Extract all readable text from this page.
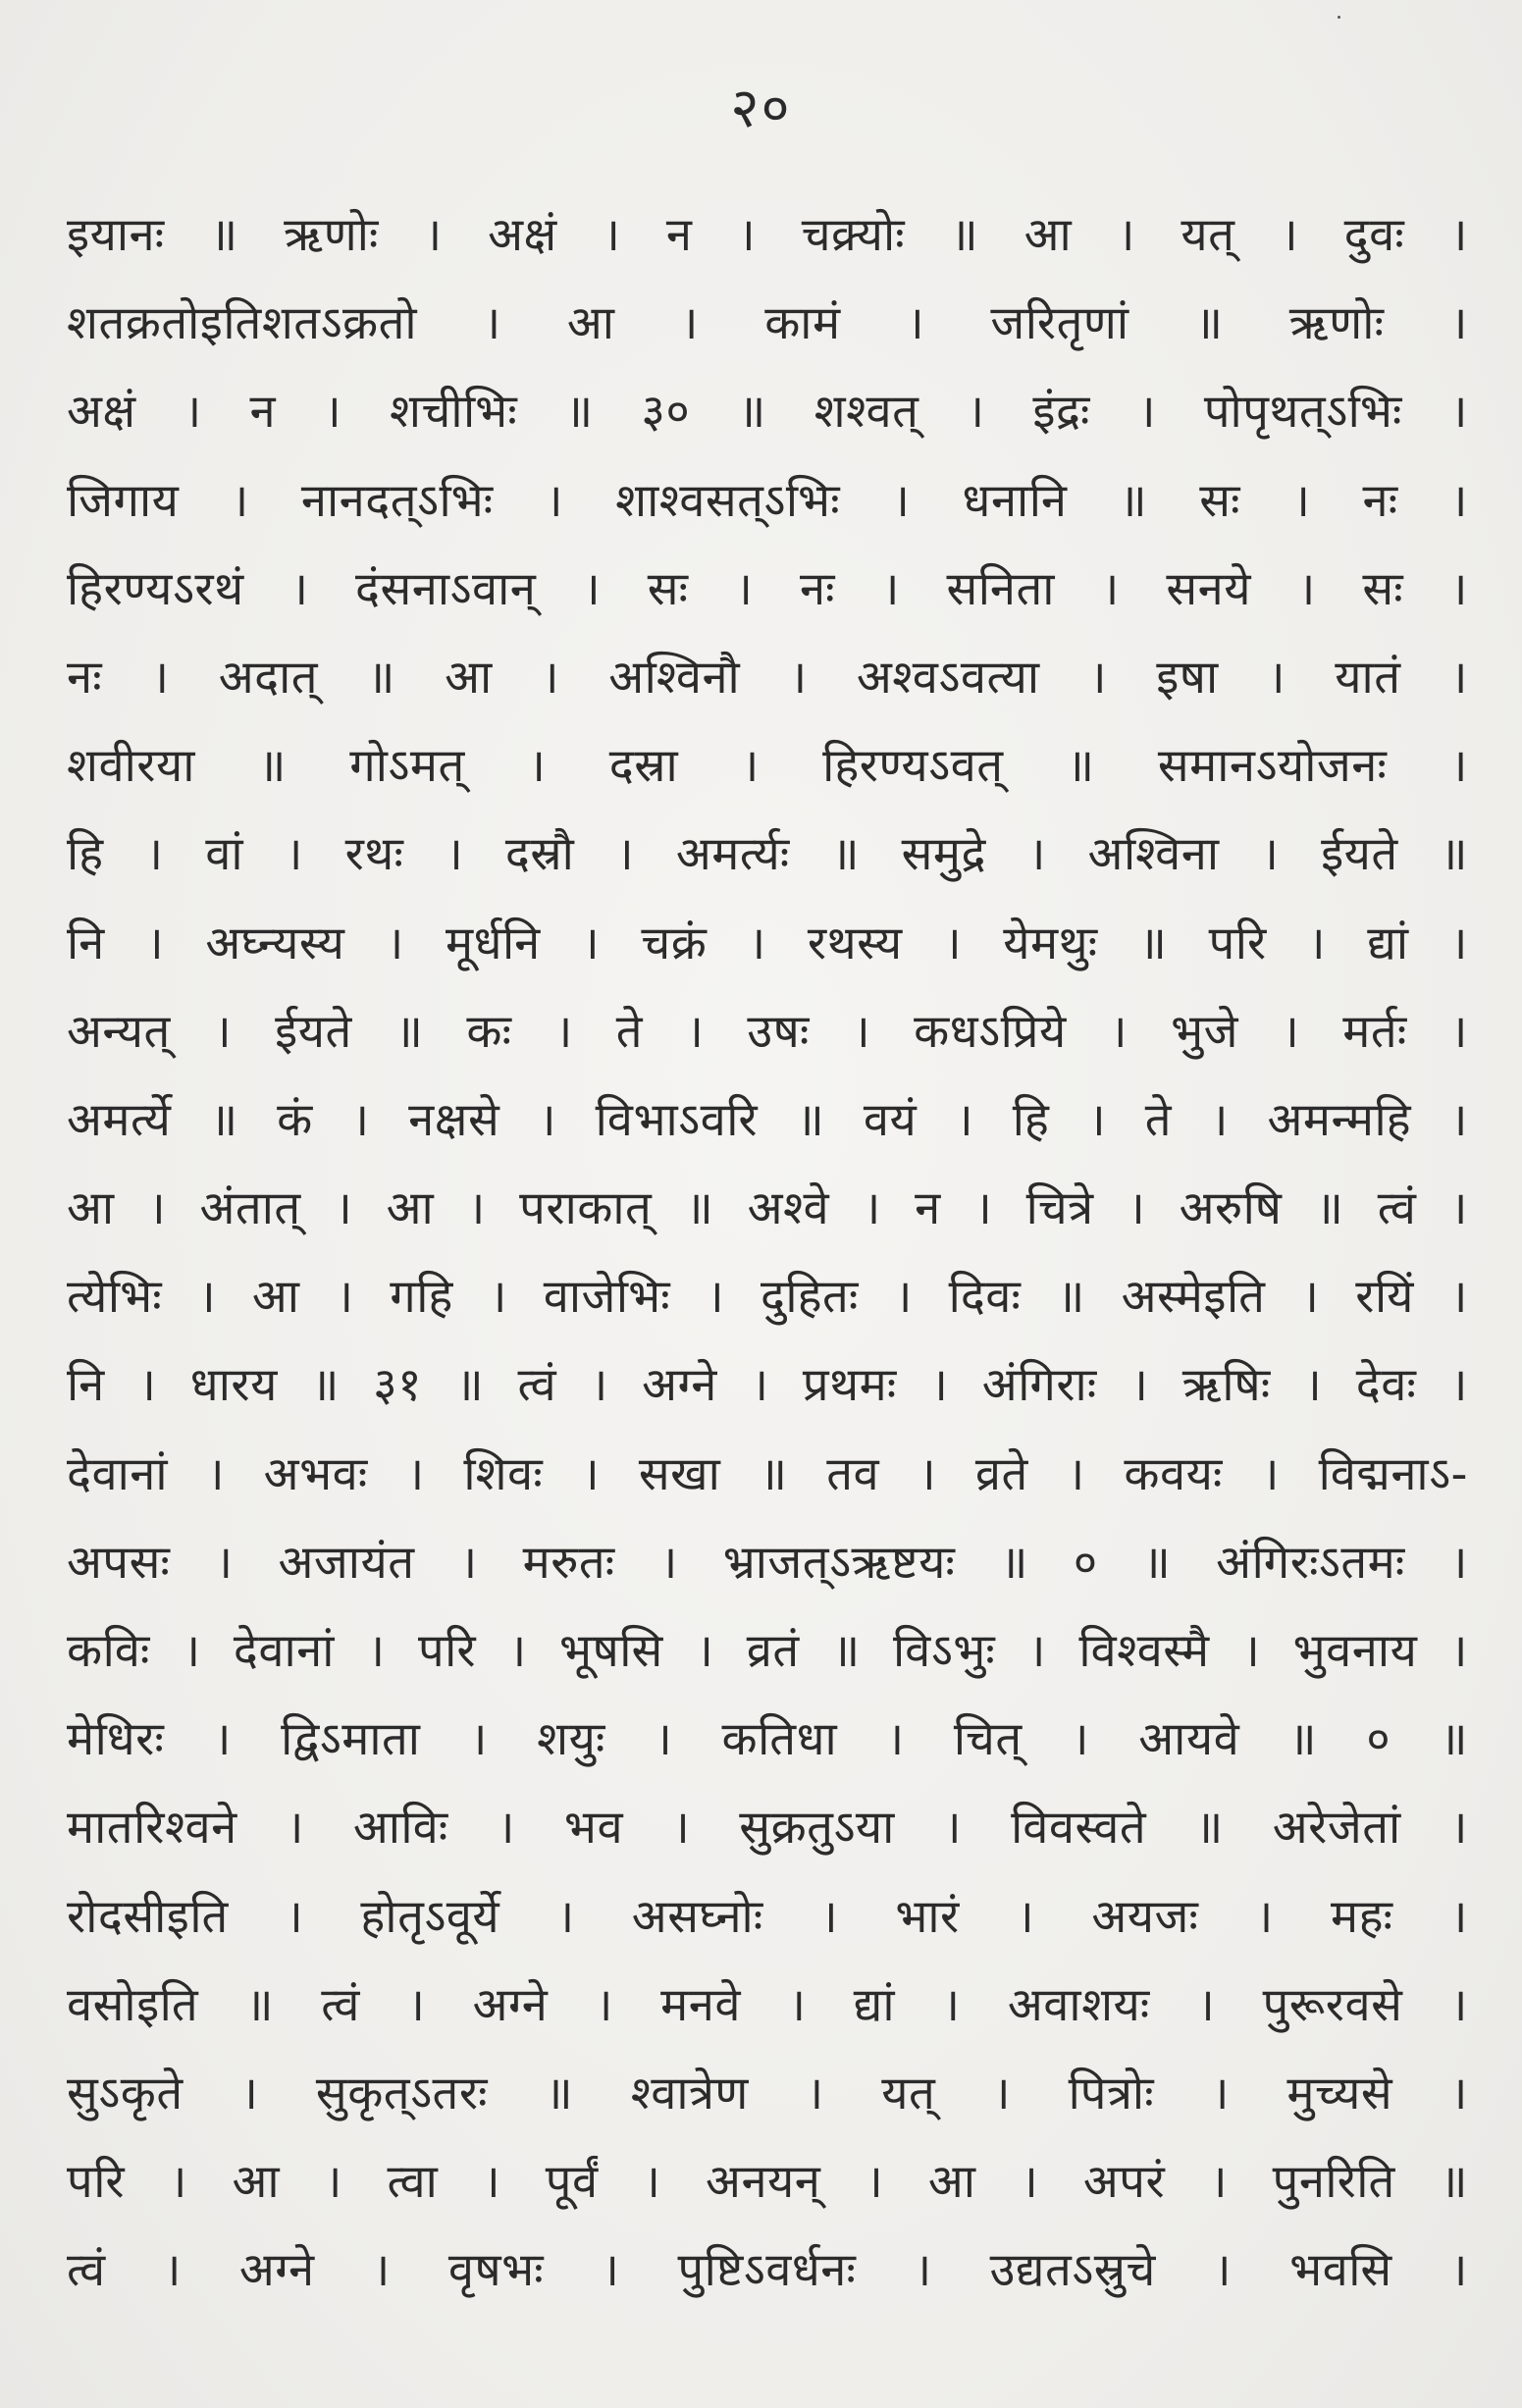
२०
इयानः ॥ ऋणोः । अक्षं । न । चक्र्योः ॥ आ । यत् । दुवः ।
शतक्रतोइतिशतऽक्रतो । आ । कामं । जरितृणां ॥ ऋणोः ।
अक्षं । न । शचीभिः ॥ ३० ॥ शश्वत् । इंद्रः । पोपृथत्ऽभिः ।
जिगाय । नानदत्ऽभिः । शाश्वसत्ऽभिः । धनानि ॥ सः । नः ।
हिरण्यऽरथं । दंसनाऽवान् । सः । नः । सनिता । सनये । सः ।
नः । अदात् ॥ आ । अश्विनौ । अश्वऽवत्या । इषा । यातं ।
शवीरया ॥ गोऽमत् । दस्रा । हिरण्यऽवत् ॥ समानऽयोजनः ।
हि । वां । रथः । दस्रौ । अमर्त्यः ॥ समुद्रे । अश्विना । ईयते ॥
नि । अघ्न्यस्य । मूर्धनि । चक्रं । रथस्य । येमथुः ॥ परि । द्यां ।
अन्यत् । ईयते ॥ कः । ते । उषः । कधऽप्रिये । भुजे । मर्तः ।
अमर्त्ये ॥ कं । नक्षसे । विभाऽवरि ॥ वयं । हि । ते । अमन्महि ।
आ । अंतात् । आ । पराकात् ॥ अश्वे । न । चित्रे । अरुषि ॥ त्वं ।
त्येभिः । आ । गहि । वाजेभिः । दुहितः । दिवः ॥ अस्मेइति । रयिं ।
नि । धारय ॥ ३१ ॥ त्वं । अग्ने । प्रथमः । अंगिराः । ऋषिः । देवः ।
देवानां । अभवः । शिवः । सखा ॥ तव । व्रते । कवयः । विद्मनाऽ-
अपसः । अजायंत । मरुतः । भ्राजत्ऽऋष्टयः ॥ ० ॥ अंगिरःऽतमः ।
कविः । देवानां । परि । भूषसि । व्रतं ॥ विऽभुः । विश्वस्मै । भुवनाय ।
मेधिरः । द्विऽमाता । शयुः । कतिधा । चित् । आयवे ॥ ० ॥
मातरिश्वने । आविः । भव । सुक्रतुऽया । विवस्वते ॥ अरेजेतां ।
रोदसीइति । होतृऽवूर्ये । असघ्नोः । भारं । अयजः । महः ।
वसोइति ॥ त्वं । अग्ने । मनवे । द्यां । अवाशयः । पुरूरवसे ।
सुऽकृते । सुकृत्ऽतरः ॥ श्वात्रेण । यत् । पित्रोः । मुच्यसे ।
परि । आ । त्वा । पूर्वं । अनयन् । आ । अपरं । पुनरिति ॥
त्वं । अग्ने । वृषभः । पुष्टिऽवर्धनः । उद्यतऽस्रुचे । भवसि ।
